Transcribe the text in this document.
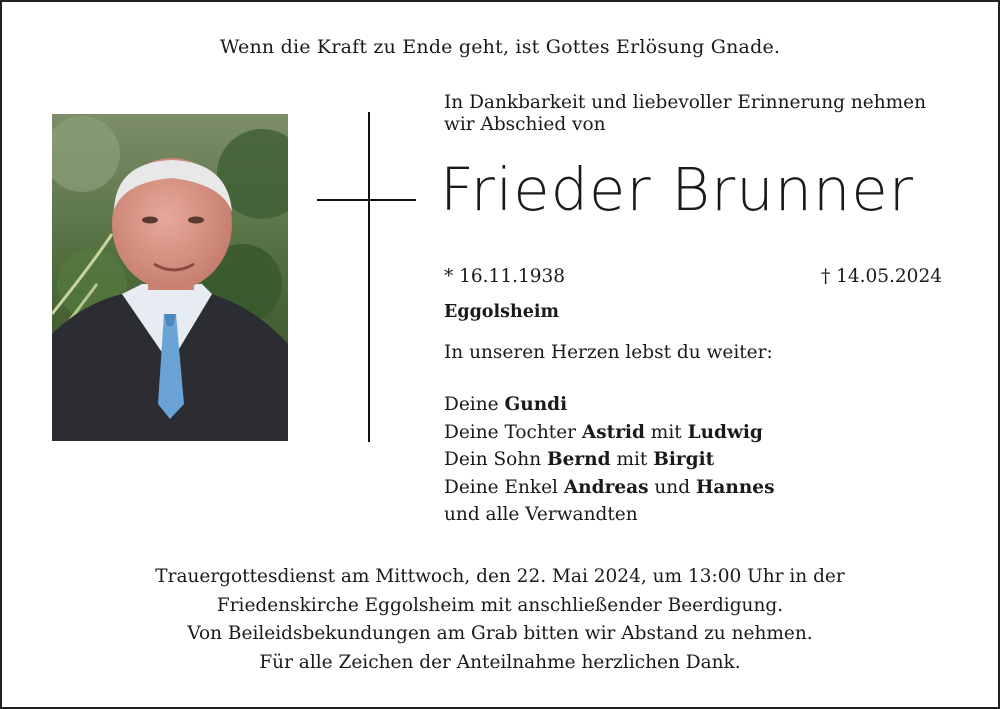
Wenn die Kraft zu Ende geht, ist Gottes Erlösung Gnade.
In Dankbarkeit und liebevoller Erinnerung nehmen
wir Abschied von
Frieder Brunner
* 16.11.1938	† 14.05.2024
Eggolsheim
In unseren Herzen lebst du weiter:
Deine Gundi
Deine Tochter Astrid mit Ludwig
Dein Sohn Bernd mit Birgit
Deine Enkel Andreas und Hannes
und alle Verwandten
Trauergottesdienst am Mittwoch, den 22. Mai 2024, um 13:00 Uhr in der
Friedenskirche Eggolsheim mit anschließender Beerdigung.
Von Beileidsbekundungen am Grab bitten wir Abstand zu nehmen.
Für alle Zeichen der Anteilnahme herzlichen Dank.
